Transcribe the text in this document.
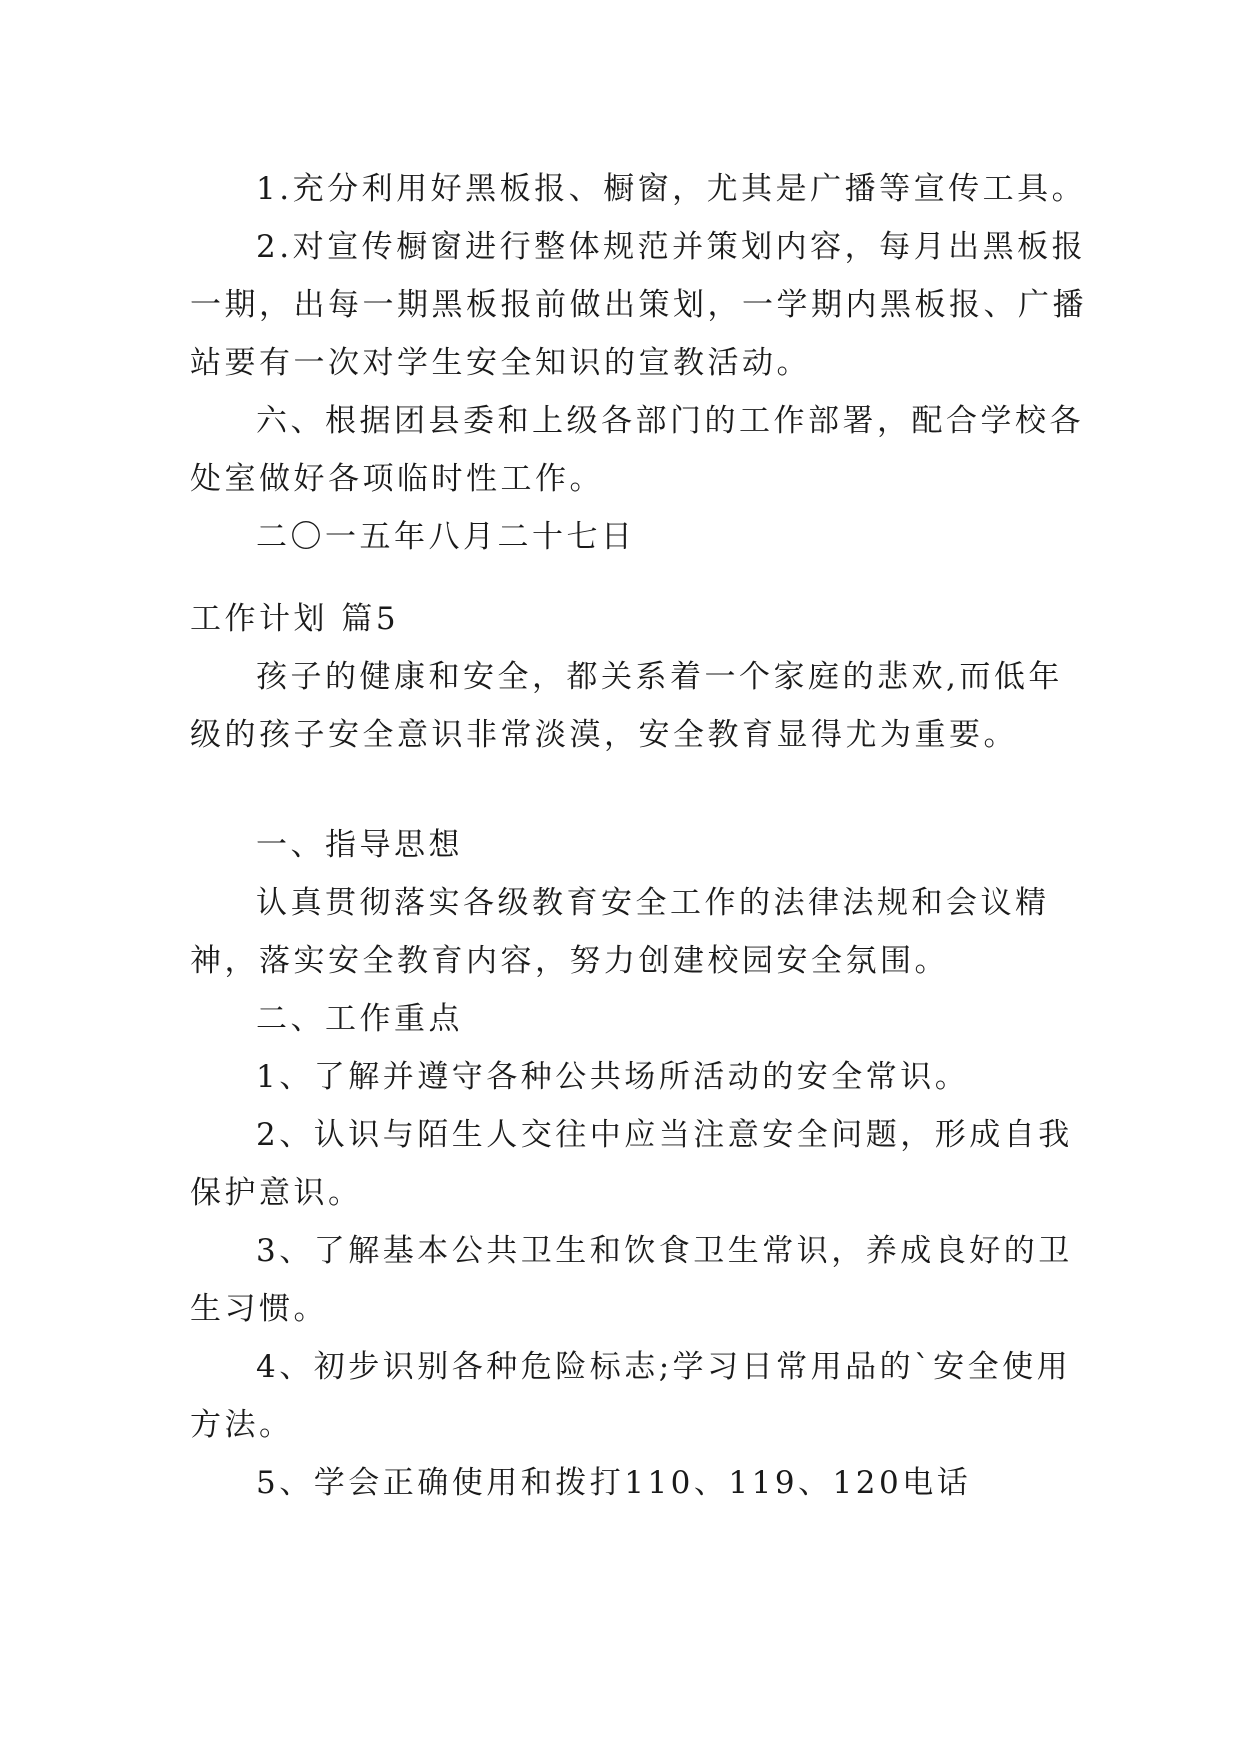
1.充分利用好黑板报、橱窗，尤其是广播等宣传工具。
2.对宣传橱窗进行整体规范并策划内容，每月出黑板报
一期，出每一期黑板报前做出策划，一学期内黑板报、广播
站要有一次对学生安全知识的宣教活动。
六、根据团县委和上级各部门的工作部署，配合学校各
处室做好各项临时性工作。
二〇一五年八月二十七日
工作计划 篇5
孩子的健康和安全，都关系着一个家庭的悲欢,而低年
级的孩子安全意识非常淡漠，安全教育显得尤为重要。
一、指导思想
认真贯彻落实各级教育安全工作的法律法规和会议精
神，落实安全教育内容，努力创建校园安全氛围。
二、工作重点
1、了解并遵守各种公共场所活动的安全常识。
2、认识与陌生人交往中应当注意安全问题，形成自我
保护意识。
3、了解基本公共卫生和饮食卫生常识，养成良好的卫
生习惯。
4、初步识别各种危险标志;学习日常用品的`安全使用
方法。
5、学会正确使用和拨打110、119、120电话
